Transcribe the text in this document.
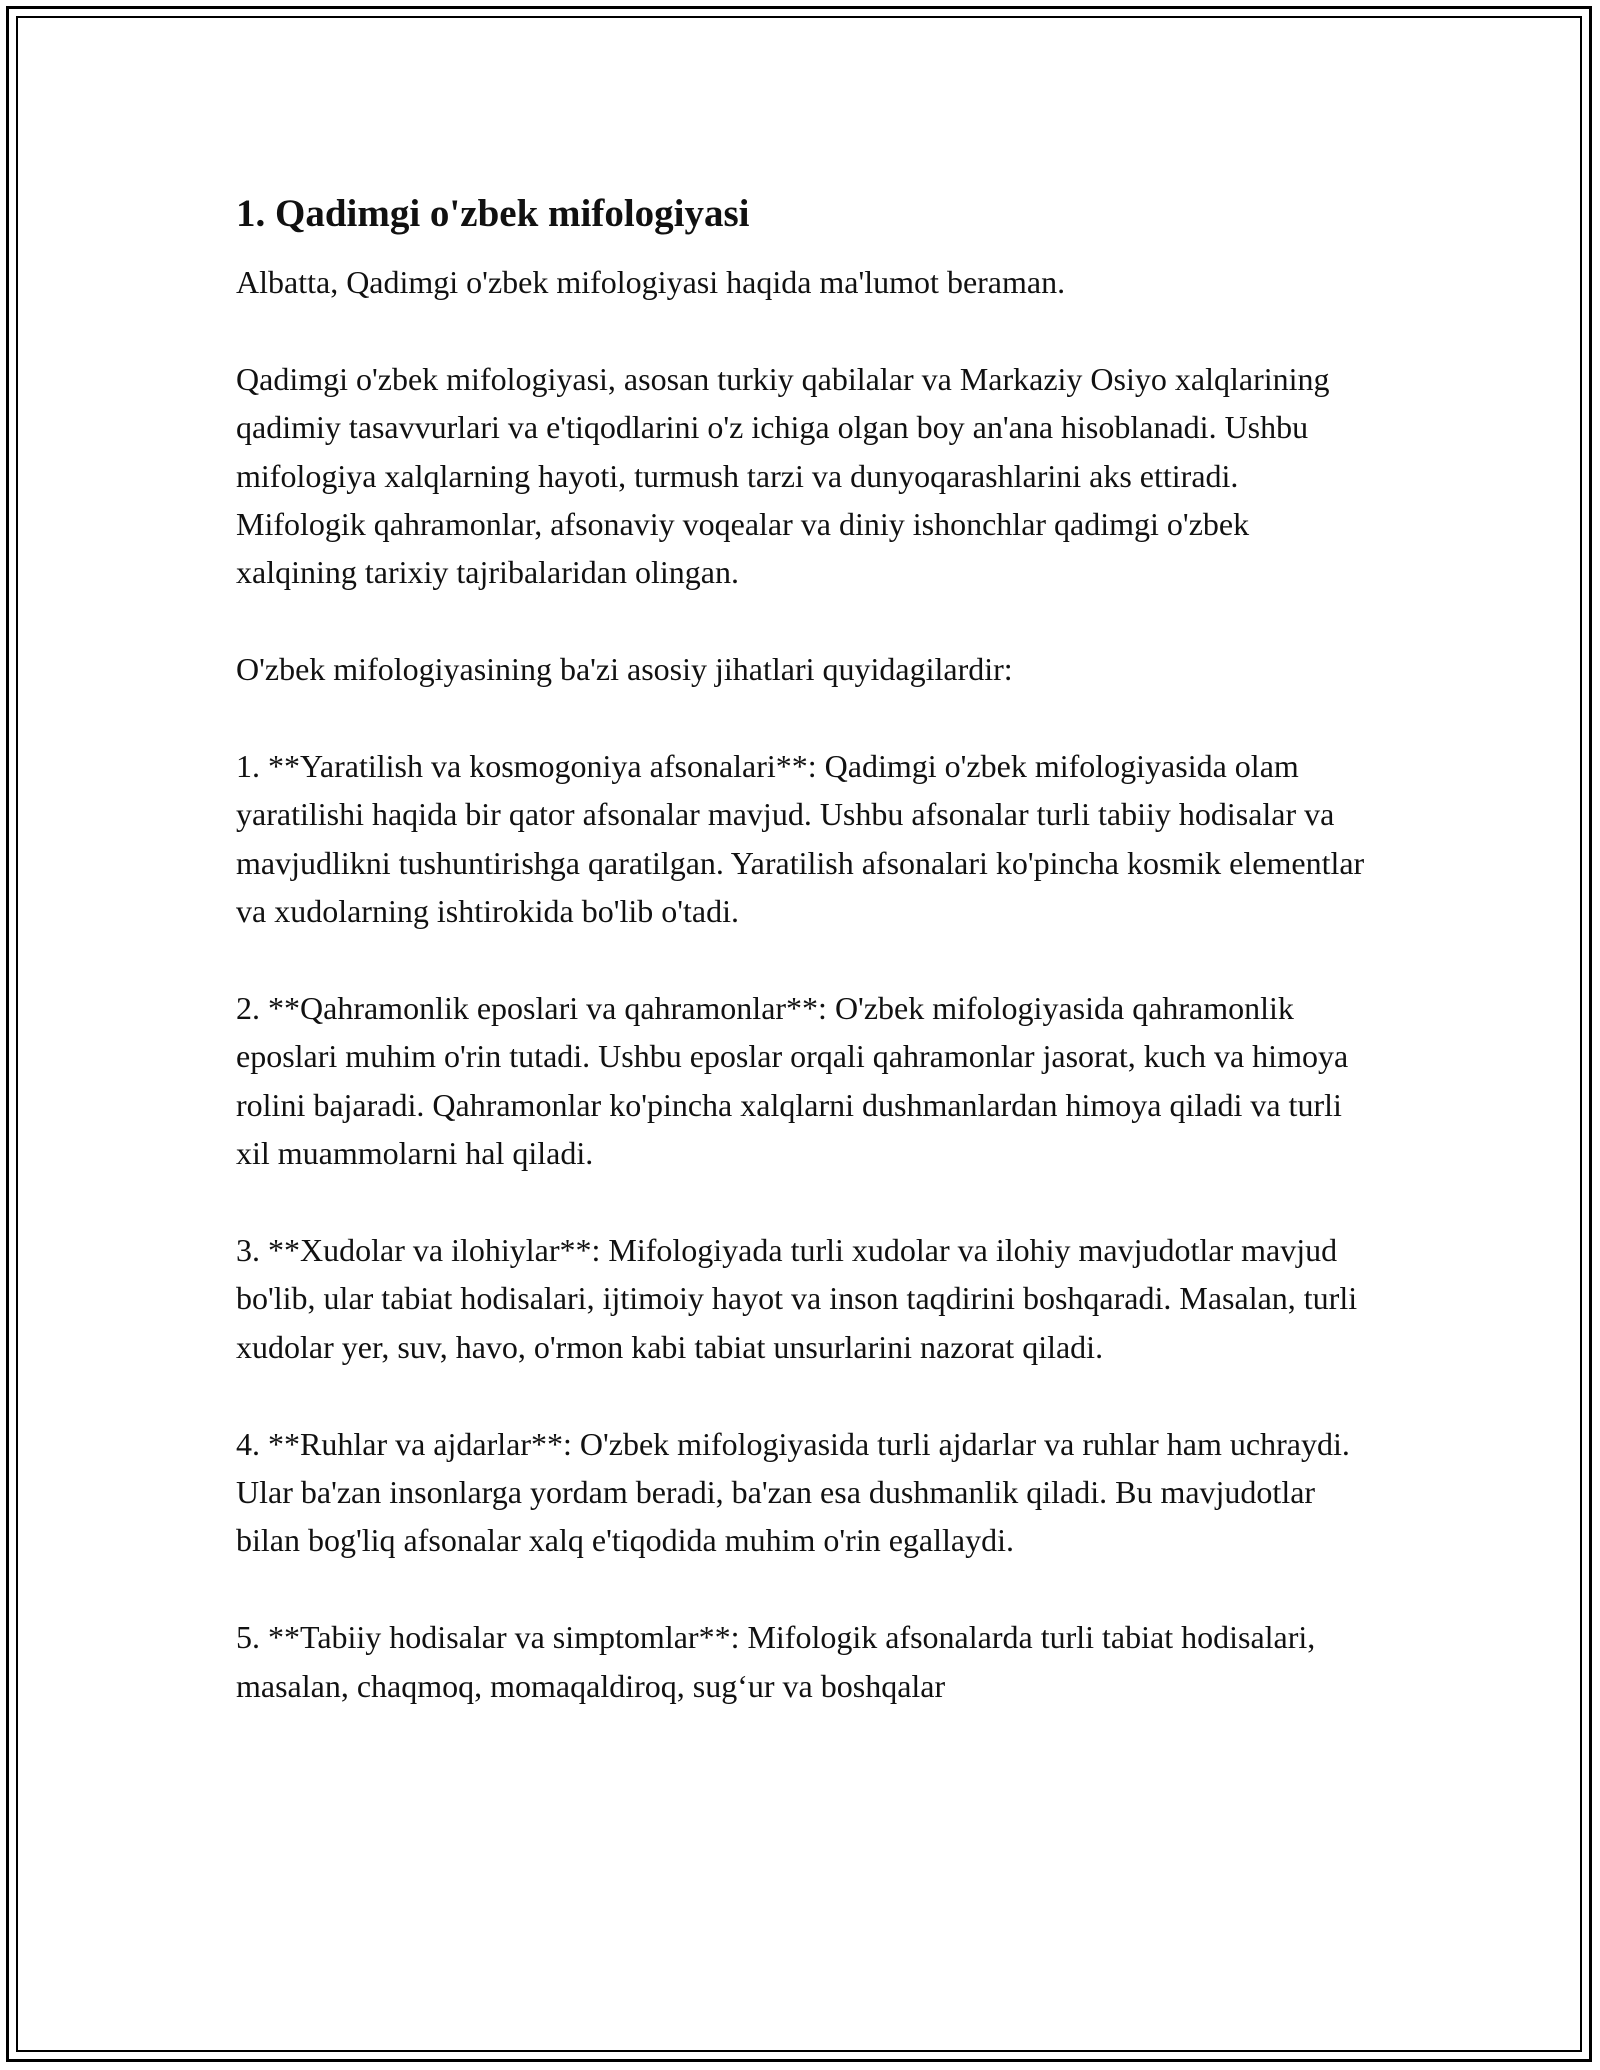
1. Qadimgi o'zbek mifologiyasi

Albatta, Qadimgi o'zbek mifologiyasi haqida ma'lumot beraman.

Qadimgi o'zbek mifologiyasi, asosan turkiy qabilalar va Markaziy Osiyo xalqlarining qadimiy tasavvurlari va e'tiqodlarini o'z ichiga olgan boy an'ana hisoblanadi. Ushbu mifologiya xalqlarning hayoti, turmush tarzi va dunyoqarashlarini aks ettiradi. Mifologik qahramonlar, afsonaviy voqealar va diniy ishonchlar qadimgi o'zbek xalqining tarixiy tajribalaridan olingan.

O'zbek mifologiyasining ba'zi asosiy jihatlari quyidagilardir:

1. **Yaratilish va kosmogoniya afsonalari**: Qadimgi o'zbek mifologiyasida olam yaratilishi haqida bir qator afsonalar mavjud. Ushbu afsonalar turli tabiiy hodisalar va mavjudlikni tushuntirishga qaratilgan. Yaratilish afsonalari ko'pincha kosmik elementlar va xudolarning ishtirokida bo'lib o'tadi.

2. **Qahramonlik eposlari va qahramonlar**: O'zbek mifologiyasida qahramonlik eposlari muhim o'rin tutadi. Ushbu eposlar orqali qahramonlar jasorat, kuch va himoya rolini bajaradi. Qahramonlar ko'pincha xalqlarni dushmanlardan himoya qiladi va turli xil muammolarni hal qiladi.

3. **Xudolar va ilohiylar**: Mifologiyada turli xudolar va ilohiy mavjudotlar mavjud bo'lib, ular tabiat hodisalari, ijtimoiy hayot va inson taqdirini boshqaradi. Masalan, turli xudolar yer, suv, havo, o'rmon kabi tabiat unsurlarini nazorat qiladi.

4. **Ruhlar va ajdarlar**: O'zbek mifologiyasida turli ajdarlar va ruhlar ham uchraydi. Ular ba'zan insonlarga yordam beradi, ba'zan esa dushmanlik qiladi. Bu mavjudotlar bilan bog'liq afsonalar xalq e'tiqodida muhim o'rin egallaydi.

5. **Tabiiy hodisalar va simptomlar**: Mifologik afsonalarda turli tabiat hodisalari, masalan, chaqmoq, momaqaldiroq, sug‘ur va boshqalar
